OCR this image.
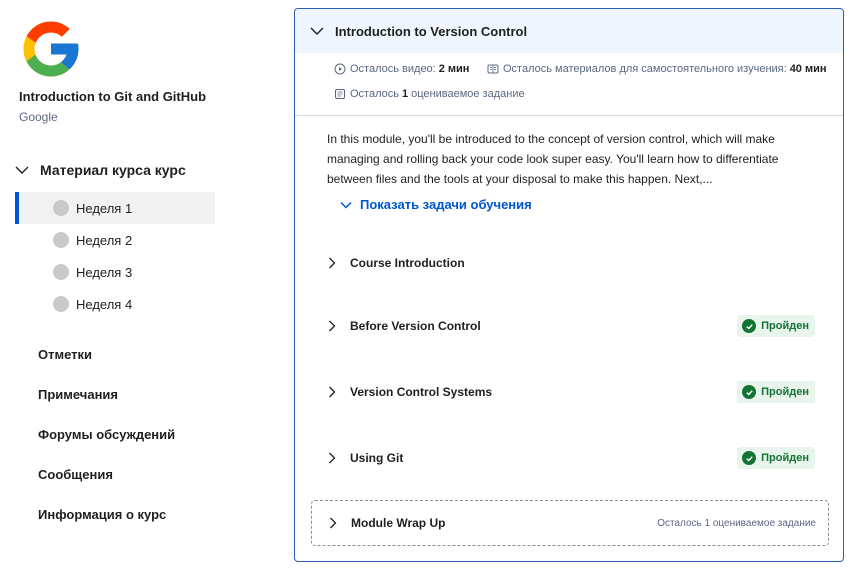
Introduction to Git and GitHub
Google
Материал курса курс
Неделя 1
Неделя 2
Неделя 3
Неделя 4
Отметки
Примечания
Форумы обсуждений
Сообщения
Информация о курс
Introduction to Version Control
Осталось видео: 2 мин	Осталось материалов для самостоятельного изучения: 40 мин
Осталось 1 оцениваемое задание
In this module, you'll be introduced to the concept of version control, which will make managing and rolling back your code look super easy. You'll learn how to differentiate between files and the tools at your disposal to make this happen. Next,...
Показать задачи обучения
Course Introduction
Before Version Control	Пройден
Version Control Systems	Пройден
Using Git	Пройден
Module Wrap Up	Осталось 1 оцениваемое задание
